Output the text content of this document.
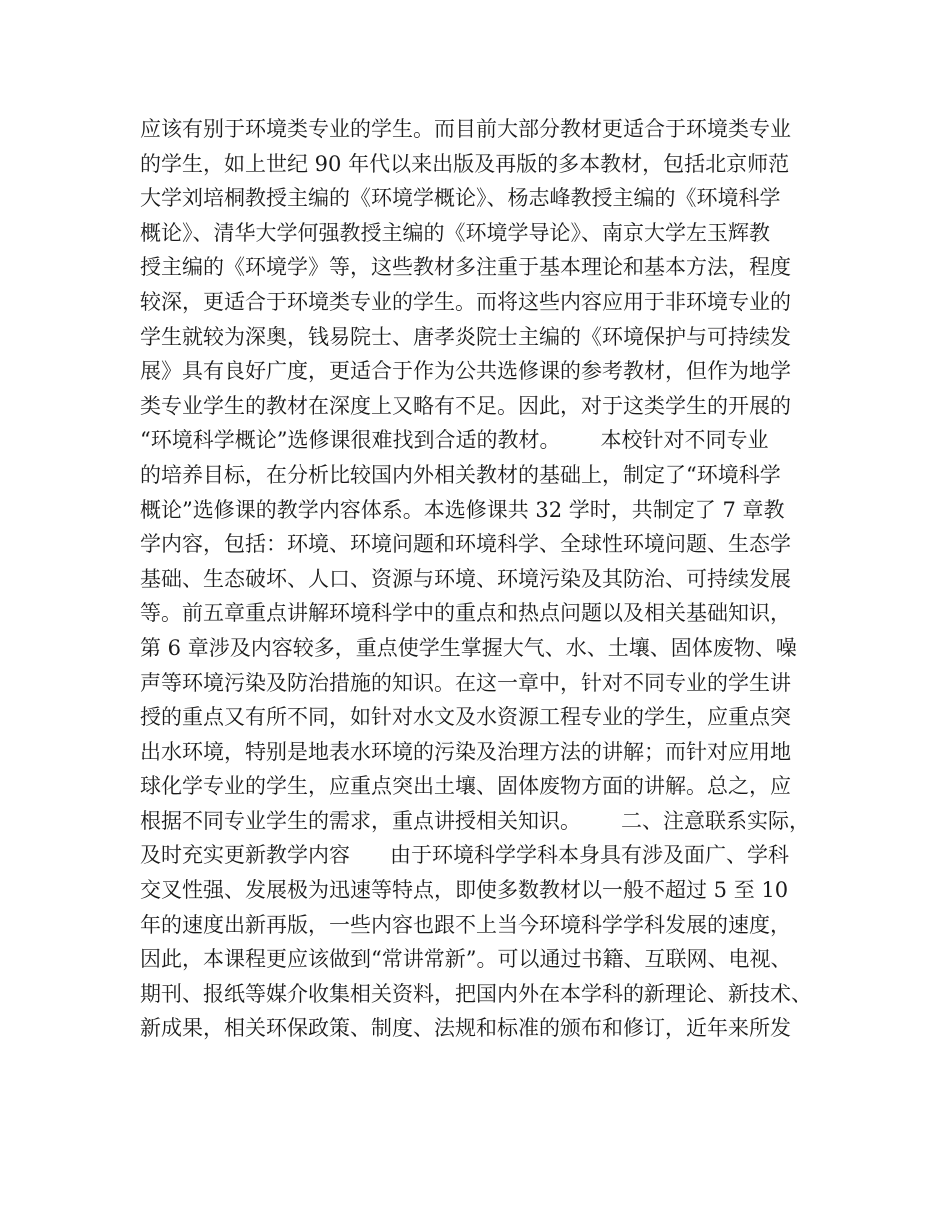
应该有别于环境类专业的学生。而目前大部分教材更适合于环境类专业
的学生，如上世纪 90 年代以来出版及再版的多本教材，包括北京师范
大学刘培桐教授主编的《环境学概论》、杨志峰教授主编的《环境科学
概论》、清华大学何强教授主编的《环境学导论》、南京大学左玉辉教
授主编的《环境学》等，这些教材多注重于基本理论和基本方法，程度
较深，更适合于环境类专业的学生。而将这些内容应用于非环境专业的
学生就较为深奥，钱易院士、唐孝炎院士主编的《环境保护与可持续发
展》具有良好广度，更适合于作为公共选修课的参考教材，但作为地学
类专业学生的教材在深度上又略有不足。因此，对于这类学生的开展的
“环境科学概论”选修课很难找到合适的教材。      本校针对不同专业
的培养目标，在分析比较国内外相关教材的基础上，制定了“环境科学
概论”选修课的教学内容体系。本选修课共 32 学时，共制定了 7 章教
学内容，包括：环境、环境问题和环境科学、全球性环境问题、生态学
基础、生态破坏、人口、资源与环境、环境污染及其防治、可持续发展
等。前五章重点讲解环境科学中的重点和热点问题以及相关基础知识，
第 6 章涉及内容较多，重点使学生掌握大气、水、土壤、固体废物、噪
声等环境污染及防治措施的知识。在这一章中，针对不同专业的学生讲
授的重点又有所不同，如针对水文及水资源工程专业的学生，应重点突
出水环境，特别是地表水环境的污染及治理方法的讲解；而针对应用地
球化学专业的学生，应重点突出土壤、固体废物方面的讲解。总之，应
根据不同专业学生的需求，重点讲授相关知识。      二、注意联系实际，
及时充实更新教学内容      由于环境科学学科本身具有涉及面广、学科
交叉性强、发展极为迅速等特点，即使多数教材以一般不超过 5 至 10
年的速度出新再版，一些内容也跟不上当今环境科学学科发展的速度，
因此，本课程更应该做到“常讲常新”。可以通过书籍、互联网、电视、
期刊、报纸等媒介收集相关资料，把国内外在本学科的新理论、新技术、
新成果，相关环保政策、制度、法规和标准的颁布和修订，近年来所发
